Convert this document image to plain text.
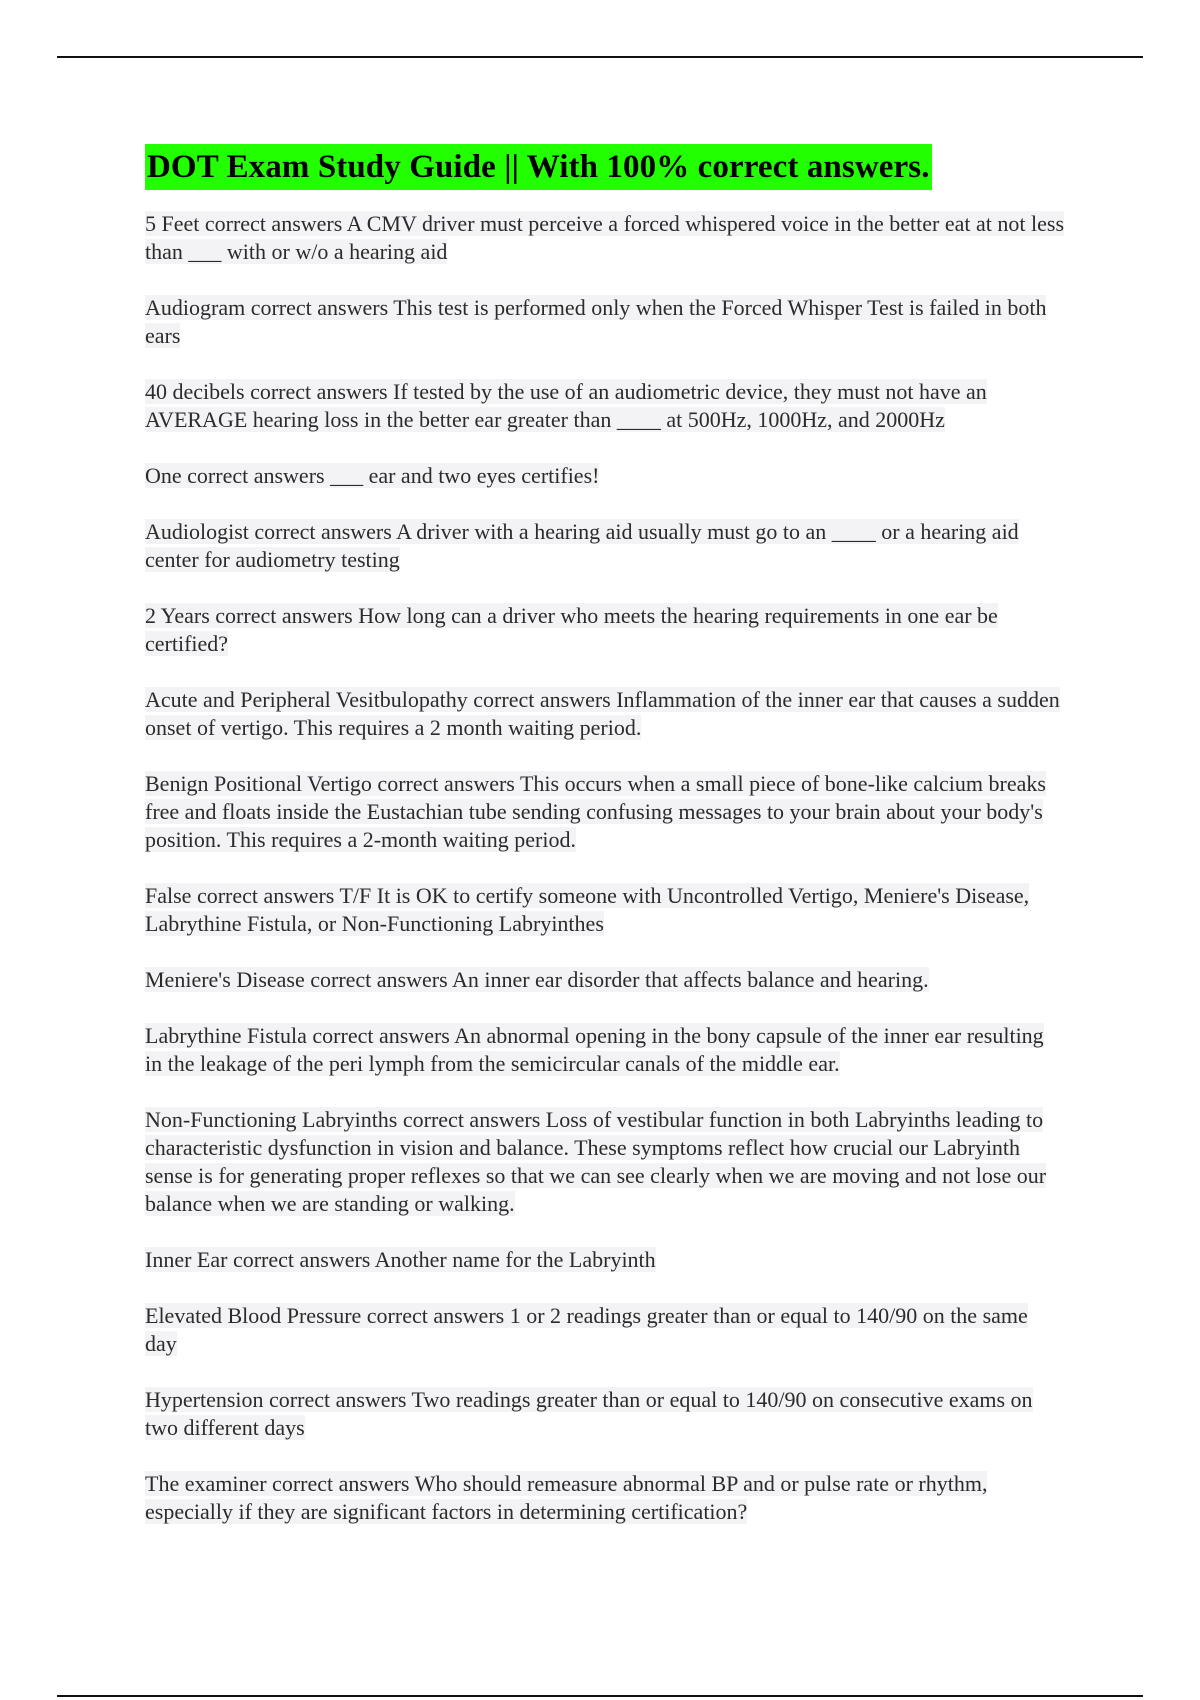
DOT Exam Study Guide || With 100% correct answers.

5 Feet correct answers A CMV driver must perceive a forced whispered voice in the better eat at not less than ___ with or w/o a hearing aid

Audiogram correct answers This test is performed only when the Forced Whisper Test is failed in both ears

40 decibels correct answers If tested by the use of an audiometric device, they must not have an AVERAGE hearing loss in the better ear greater than ____ at 500Hz, 1000Hz, and 2000Hz

One correct answers ___ ear and two eyes certifies!

Audiologist correct answers A driver with a hearing aid usually must go to an ____ or a hearing aid center for audiometry testing

2 Years correct answers How long can a driver who meets the hearing requirements in one ear be certified?

Acute and Peripheral Vesitbulopathy correct answers Inflammation of the inner ear that causes a sudden onset of vertigo. This requires a 2 month waiting period.

Benign Positional Vertigo correct answers This occurs when a small piece of bone-like calcium breaks free and floats inside the Eustachian tube sending confusing messages to your brain about your body's position. This requires a 2-month waiting period.

False correct answers T/F It is OK to certify someone with Uncontrolled Vertigo, Meniere's Disease, Labrythine Fistula, or Non-Functioning Labryinthes

Meniere's Disease correct answers An inner ear disorder that affects balance and hearing.

Labrythine Fistula correct answers An abnormal opening in the bony capsule of the inner ear resulting in the leakage of the peri lymph from the semicircular canals of the middle ear.

Non-Functioning Labryinths correct answers Loss of vestibular function in both Labryinths leading to characteristic dysfunction in vision and balance. These symptoms reflect how crucial our Labryinth sense is for generating proper reflexes so that we can see clearly when we are moving and not lose our balance when we are standing or walking.

Inner Ear correct answers Another name for the Labryinth

Elevated Blood Pressure correct answers 1 or 2 readings greater than or equal to 140/90 on the same day

Hypertension correct answers Two readings greater than or equal to 140/90 on consecutive exams on two different days

The examiner correct answers Who should remeasure abnormal BP and or pulse rate or rhythm, especially if they are significant factors in determining certification?
